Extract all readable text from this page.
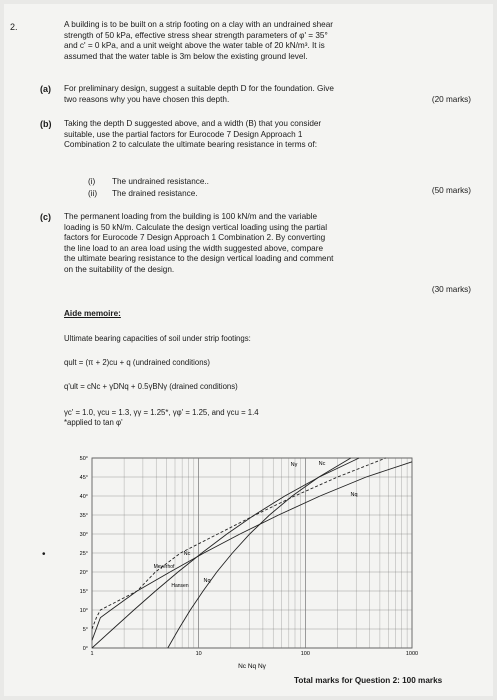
2.	A building is to be built on a strip footing on a clay with an undrained shear
strength of 50 kPa, effective stress shear strength parameters of φ' = 35°
and c' = 0 kPa, and a unit weight above the water table of 20 kN/m³. It is
assumed that the water table is 3m below the existing ground level.
(a) For preliminary design, suggest a suitable depth D for the foundation. Give
two reasons why you have chosen this depth.	(20 marks)
(b) Taking the depth D suggested above, and a width (B) that you consider
suitable, use the partial factors for Eurocode 7 Design Approach 1
Combination 2 to calculate the ultimate bearing resistance in terms of:
(i) The undrained resistance..
(ii) The drained resistance.	(50 marks)
(c) The permanent loading from the building is 100 kN/m and the variable
loading is 50 kN/m. Calculate the design vertical loading using the partial
factors for Eurocode 7 Design Approach 1 Combination 2. By converting
the line load to an area load using the width suggested above, compare
the ultimate bearing resistance to the design vertical loading and comment
on the suitability of the design.
(30 marks)
Aide memoire:
Ultimate bearing capacities of soil under strip footings:
qult = (π + 2)cu + q (undrained conditions)
q'ult = cNc + γDNq + 0.5γBNγ (drained conditions)
γc' = 1.0, γcu = 1.3, γγ = 1.25*, γφ' = 1.25, and γcu = 1.4
*applied to tan φ'
•
0°
5°
10°
15°
20°
25°
30°
35°
40°
45°
50°
1	10	100	1000
Nc
Nq
Nγ
Nc
Nq
Meyerhof
Hansen
Nc Nq Nγ
Total marks for Question 2: 100 marks
